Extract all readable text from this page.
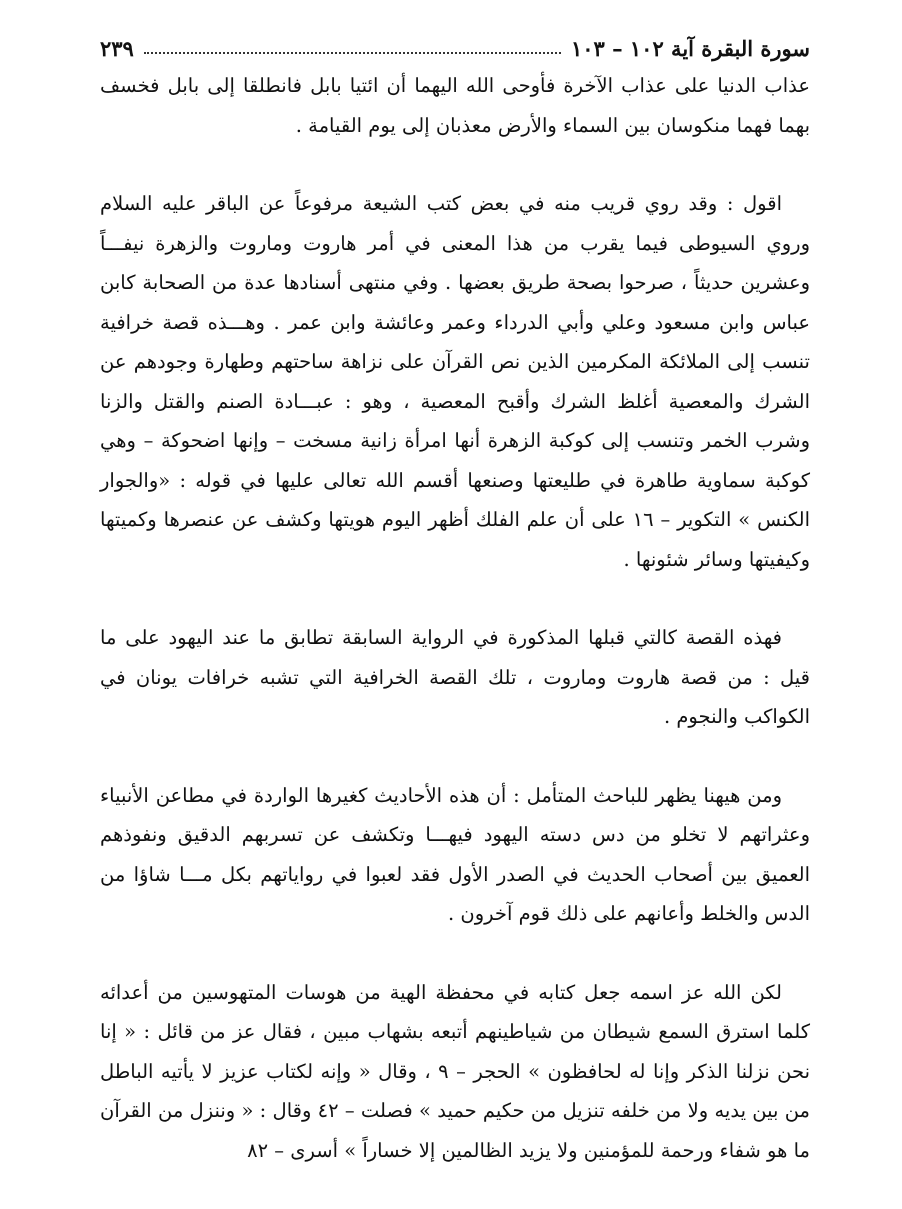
سورة البقرة آية ١٠٢ – ١٠٣
٢٣٩

عذاب الدنيا على عذاب الآخرة فأوحى الله اليهما أن ائتيا بابل فانطلقا إلى بابل فخسف بهما فهما منكوسان بين السماء والأرض معذبان إلى يوم القيامة .

اقول : وقد روي قريب منه في بعض كتب الشيعة مرفوعاً عن الباقر عليه السلام وروي السيوطى فيما يقرب من هذا المعنى في أمر هاروت وماروت والزهرة نيفـــاً وعشرين حديثاً ، صرحوا بصحة طريق بعضها . وفي منتهى أسنادها عدة من الصحابة كابن عباس وابن مسعود وعلي وأبي الدرداء وعمر وعائشة وابن عمر . وهـــذه قصة خرافية تنسب إلى الملائكة المكرمين الذين نص القرآن على نزاهة ساحتهم وطهارة وجودهم عن الشرك والمعصية أغلظ الشرك وأقبح المعصية ، وهو : عبـــادة الصنم والقتل والزنا وشرب الخمر وتنسب إلى كوكبة الزهرة أنها امرأة زانية مسخت – وإنها اضحوكة – وهي كوكبة سماوية طاهرة في طليعتها وصنعها أقسم الله تعالى عليها في قوله : «والجوار الكنس » التكوير – ١٦ على أن علم الفلك أظهر اليوم هويتها وكشف عن عنصرها وكميتها وكيفيتها وسائر شئونها .

فهذه القصة كالتي قبلها المذكورة في الرواية السابقة تطابق ما عند اليهود على ما قيل : من قصة هاروت وماروت ، تلك القصة الخرافية التي تشبه خرافات يونان في الكواكب والنجوم .

ومن هيهنا يظهر للباحث المتأمل : أن هذه الأحاديث كغيرها الواردة في مطاعن الأنبياء وعثراتهم لا تخلو من دس دسته اليهود فيهـــا وتكشف عن تسربهم الدقيق ونفوذهم العميق بين أصحاب الحديث في الصدر الأول فقد لعبوا في رواياتهم بكل مـــا شاؤا من الدس والخلط وأعانهم على ذلك قوم آخرون .

لكن الله عز اسمه جعل كتابه في محفظة الهية من هوسات المتهوسين من أعدائه كلما استرق السمع شيطان من شياطينهم أتبعه بشهاب مبين ، فقال عز من قائل : « إنا نحن نزلنا الذكر وإنا له لحافظون » الحجر – ٩ ، وقال « وإنه لكتاب عزيز لا يأتيه الباطل من بين يديه ولا من خلفه تنزيل من حكيم حميد » فصلت – ٤٢ وقال : « وننزل من القرآن ما هو شفاء ورحمة للمؤمنين ولا يزيد الظالمين إلا خساراً » أسرى – ٨٢
